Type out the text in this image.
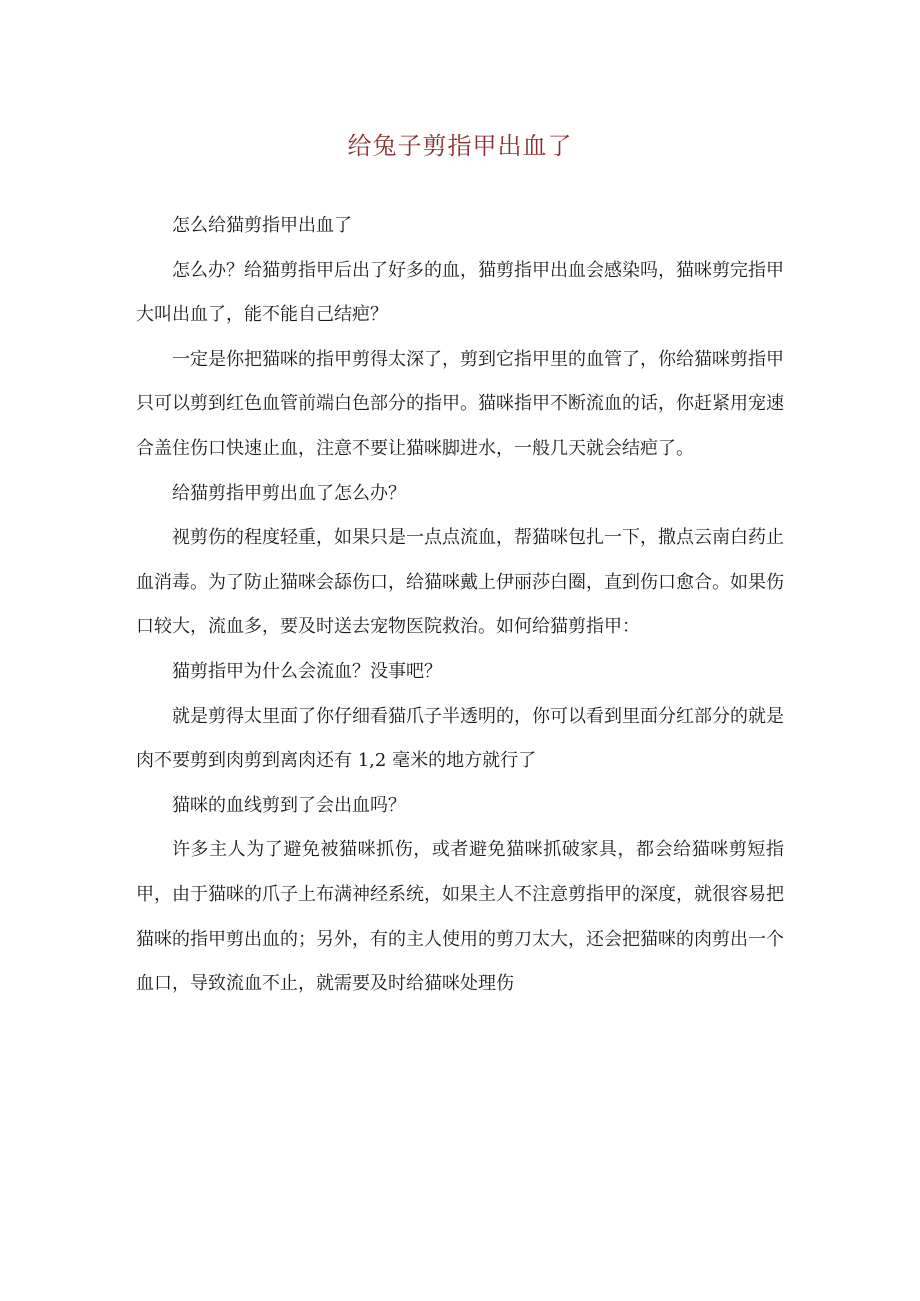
给兔子剪指甲出血了

怎么给猫剪指甲出血了

怎么办？给猫剪指甲后出了好多的血，猫剪指甲出血会感染吗，猫咪剪完指甲大叫出血了，能不能自己结疤？

一定是你把猫咪的指甲剪得太深了，剪到它指甲里的血管了，你给猫咪剪指甲只可以剪到红色血管前端白色部分的指甲。猫咪指甲不断流血的话，你赶紧用宠速合盖住伤口快速止血，注意不要让猫咪脚进水，一般几天就会结疤了。

给猫剪指甲剪出血了怎么办？

视剪伤的程度轻重，如果只是一点点流血，帮猫咪包扎一下，撒点云南白药止血消毒。为了防止猫咪会舔伤口，给猫咪戴上伊丽莎白圈，直到伤口愈合。如果伤口较大，流血多，要及时送去宠物医院救治。如何给猫剪指甲：

猫剪指甲为什么会流血？没事吧？

就是剪得太里面了你仔细看猫爪子半透明的，你可以看到里面分红部分的就是肉不要剪到肉剪到离肉还有 1,2 毫米的地方就行了

猫咪的血线剪到了会出血吗？

许多主人为了避免被猫咪抓伤，或者避免猫咪抓破家具，都会给猫咪剪短指甲，由于猫咪的爪子上布满神经系统，如果主人不注意剪指甲的深度，就很容易把猫咪的指甲剪出血的；另外，有的主人使用的剪刀太大，还会把猫咪的肉剪出一个血口，导致流血不止，就需要及时给猫咪处理伤
